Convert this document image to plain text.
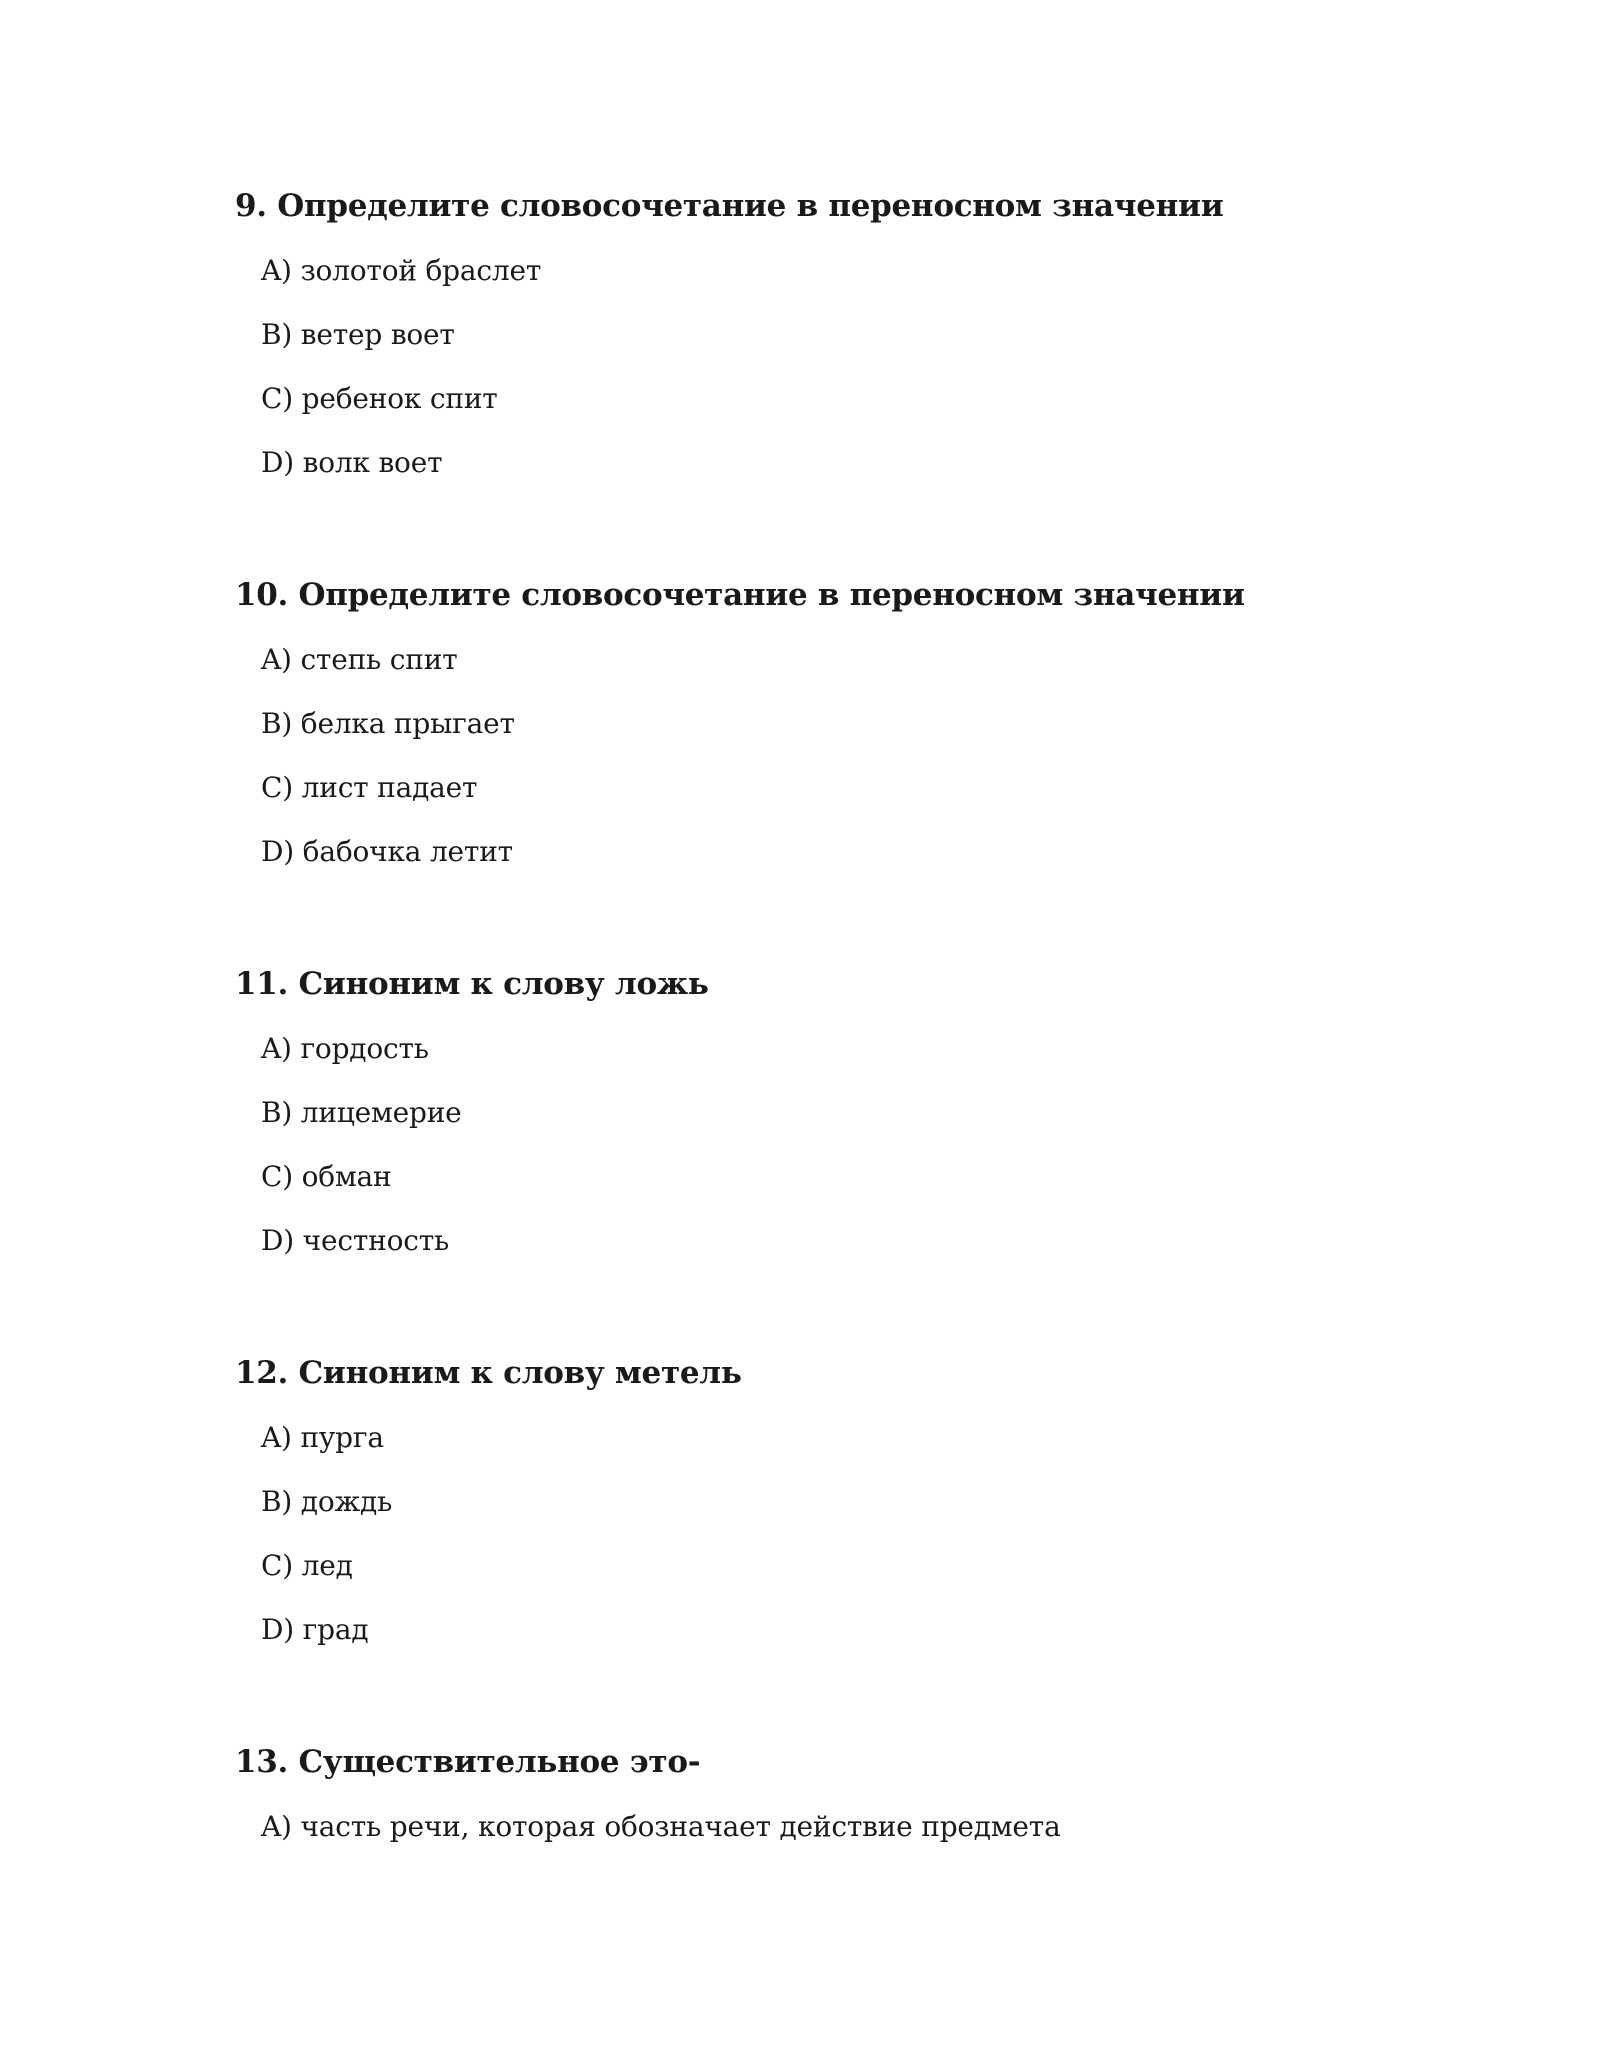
9. Определите словосочетание в переносном значении
A) золотой браслет
B) ветер воет
C) ребенок спит
D) волк воет
10. Определите словосочетание в переносном значении
A) степь спит
B) белка прыгает
C) лист падает
D) бабочка летит
11. Синоним к слову ложь
A) гордость
B) лицемерие
C) обман
D) честность
12. Синоним к слову метель
A) пурга
B) дождь
C) лед
D) град
13. Существительное это-
A) часть речи, которая обозначает действие предмета
